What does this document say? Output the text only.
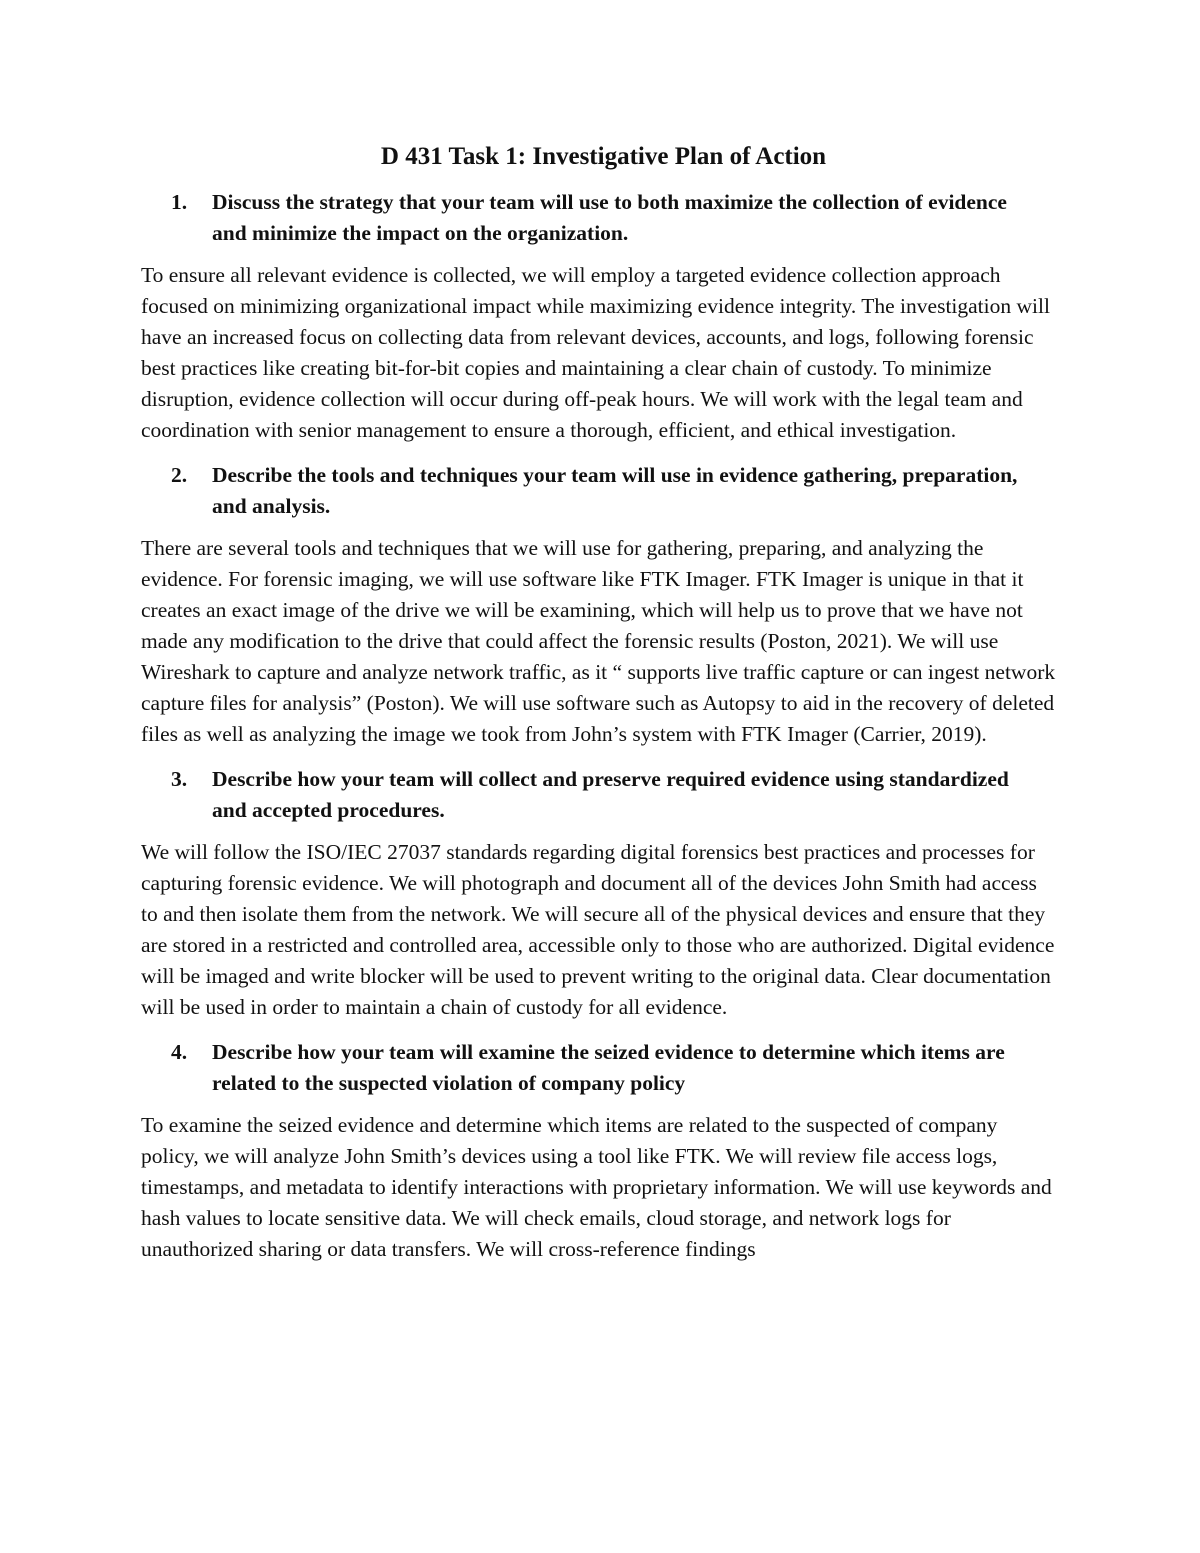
D 431 Task 1: Investigative Plan of Action
1.	Discuss the strategy that your team will use to both maximize the collection of evidence and minimize the impact on the organization.

To ensure all relevant evidence is collected, we will employ a targeted evidence collection approach focused on minimizing organizational impact while maximizing evidence integrity. The investigation will have an increased focus on collecting data from relevant devices, accounts, and logs, following forensic best practices like creating bit-for-bit copies and maintaining a clear chain of custody. To minimize disruption, evidence collection will occur during off-peak hours. We will work with the legal team and coordination with senior management to ensure a thorough, efficient, and ethical investigation.

2.	Describe the tools and techniques your team will use in evidence gathering, preparation, and analysis.

There are several tools and techniques that we will use for gathering, preparing, and analyzing the evidence. For forensic imaging, we will use software like FTK Imager. FTK Imager is unique in that it creates an exact image of the drive we will be examining, which will help us to prove that we have not made any modification to the drive that could affect the forensic results (Poston, 2021). We will use Wireshark to capture and analyze network traffic, as it “ supports live traffic capture or can ingest network capture files for analysis” (Poston). We will use software such as Autopsy to aid in the recovery of deleted files as well as analyzing the image we took from John’s system with FTK Imager (Carrier, 2019).

3.	Describe how your team will collect and preserve required evidence using standardized and accepted procedures.

We will follow the ISO/IEC 27037 standards regarding digital forensics best practices and processes for capturing forensic evidence. We will photograph and document all of the devices John Smith had access to and then isolate them from the network. We will secure all of the physical devices and ensure that they are stored in a restricted and controlled area, accessible only to those who are authorized. Digital evidence will be imaged and write blocker will be used to prevent writing to the original data. Clear documentation will be used in order to maintain a chain of custody for all evidence.

4.	Describe how your team will examine the seized evidence to determine which items are related to the suspected violation of company policy

To examine the seized evidence and determine which items are related to the suspected of company policy, we will analyze John Smith’s devices using a tool like FTK. We will review file access logs, timestamps, and metadata to identify interactions with proprietary information. We will use keywords and hash values to locate sensitive data. We will check emails, cloud storage, and network logs for unauthorized sharing or data transfers. We will cross-reference findings
